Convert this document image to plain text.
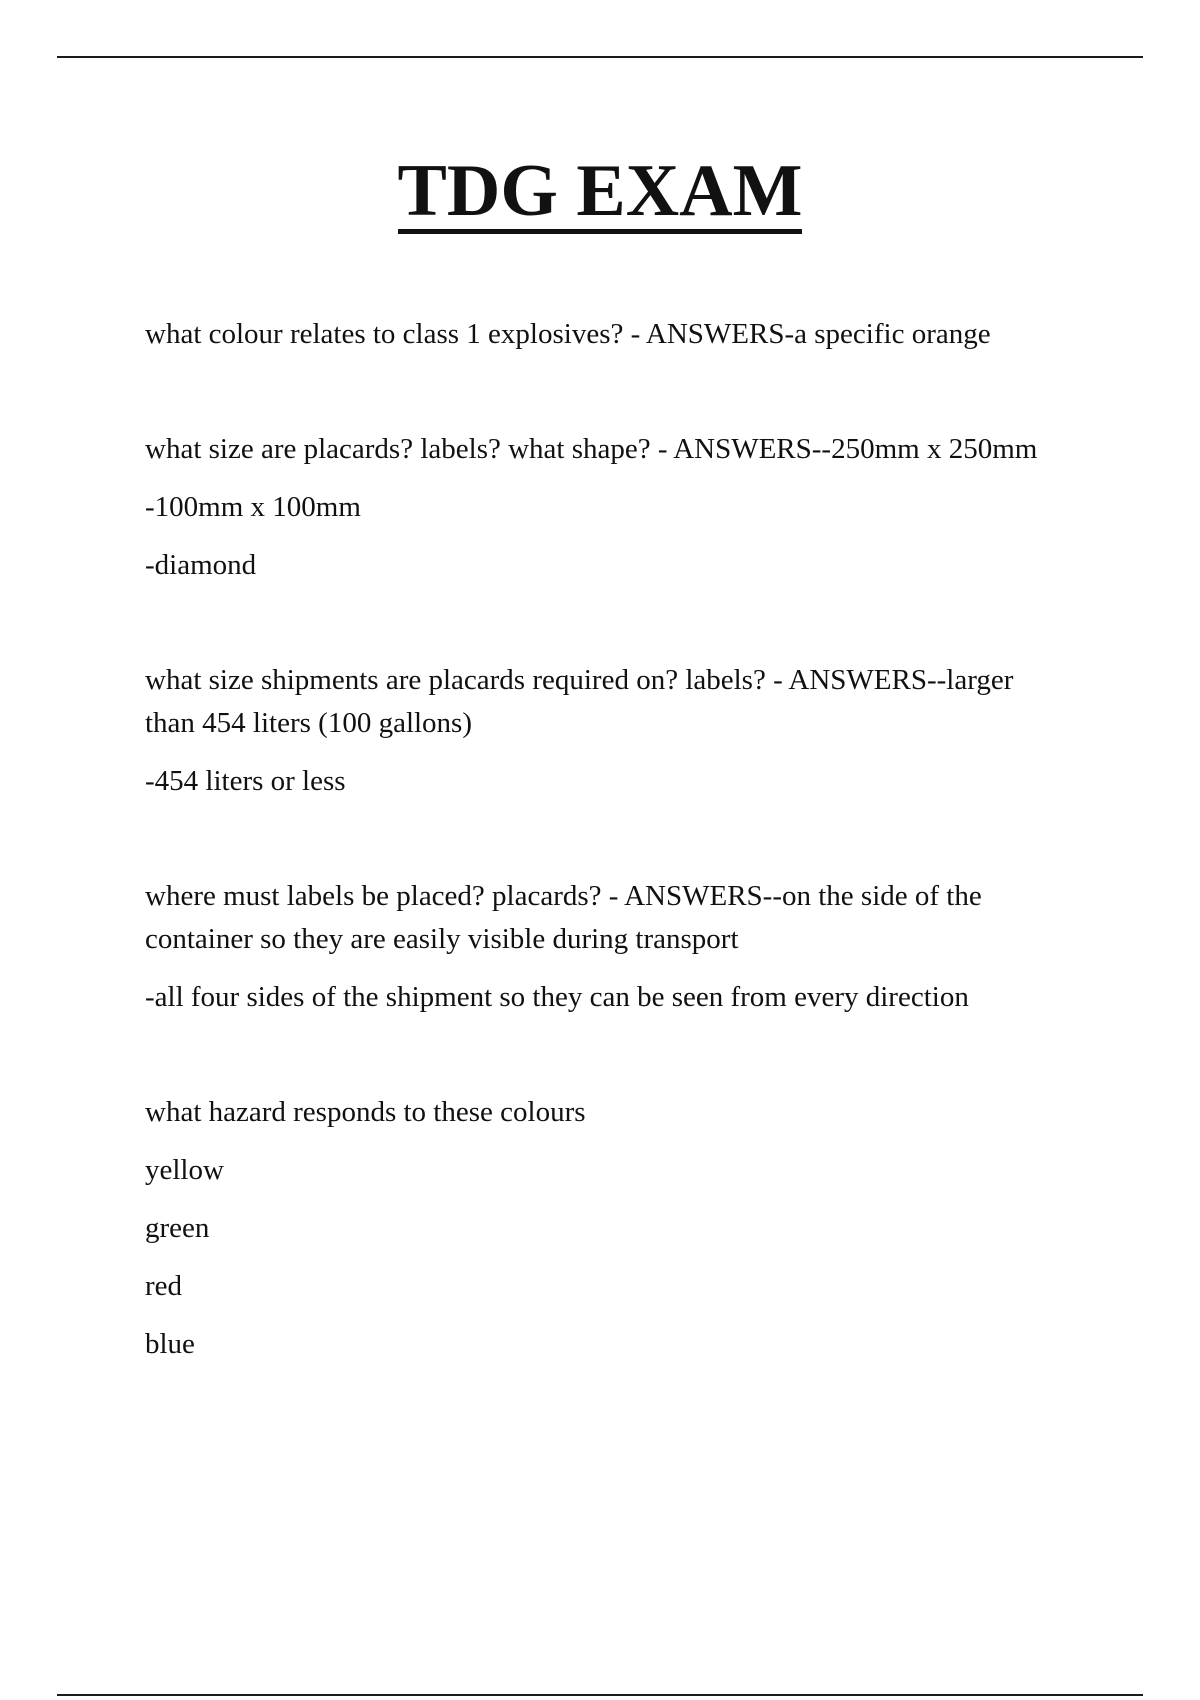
TDG EXAM

what colour relates to class 1 explosives? - ANSWERS-a specific orange

what size are placards? labels? what shape? - ANSWERS--250mm x 250mm

-100mm x 100mm

-diamond

what size shipments are placards required on? labels? - ANSWERS--larger than 454 liters (100 gallons)

-454 liters or less

where must labels be placed? placards? - ANSWERS--on the side of the container so they are easily visible during transport

-all four sides of the shipment so they can be seen from every direction

what hazard responds to these colours

yellow

green

red

blue
